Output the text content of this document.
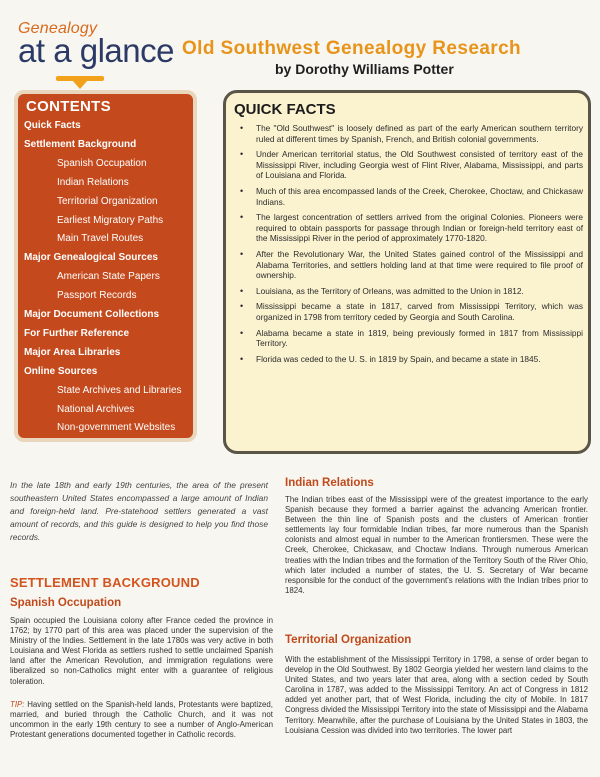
Genealogy
at a glance Old Southwest Genealogy Research
by Dorothy Williams Potter
CONTENTS
Quick Facts
Settlement Background
Spanish Occupation
Indian Relations
Territorial Organization
Earliest Migratory Paths
Main Travel Routes
Major Genealogical Sources
American State Papers
Passport Records
Major Document Collections
For Further Reference
Major Area Libraries
Online Sources
State Archives and Libraries
National Archives
Non-government Websites
QUICK FACTS
• The "Old Southwest" is loosely defined as part of the early American southern territory ruled at different times by Spanish, French, and British colonial governments.
• Under American territorial status, the Old Southwest consisted of territory east of the Mississippi River, including Georgia west of Flint River, Alabama, Mississippi, and parts of Louisiana and Florida.
• Much of this area encompassed lands of the Creek, Cherokee, Choctaw, and Chickasaw Indians.
• The largest concentration of settlers arrived from the original Colonies. Pioneers were required to obtain passports for passage through Indian or foreign-held territory east of the Mississippi River in the period of approximately 1770-1820.
• After the Revolutionary War, the United States gained control of the Mississippi and Alabama Territories, and settlers holding land at that time were required to file proof of ownership.
• Louisiana, as the Territory of Orleans, was admitted to the Union in 1812.
• Mississippi became a state in 1817, carved from Mississippi Territory, which was organized in 1798 from territory ceded by Georgia and South Carolina.
• Alabama became a state in 1819, being previously formed in 1817 from Mississippi Territory.
• Florida was ceded to the U. S. in 1819 by Spain, and became a state in 1845.
In the late 18th and early 19th centuries, the area of the present southeastern United States encompassed a large amount of Indian and foreign-held land. Pre-statehood settlers generated a vast amount of records, and this guide is designed to help you find those records.
SETTLEMENT BACKGROUND
Spanish Occupation
Spain occupied the Louisiana colony after France ceded the province in 1762; by 1770 part of this area was placed under the supervision of the Ministry of the Indies. Settlement in the late 1780s was very active in both Louisiana and West Florida as settlers rushed to settle unclaimed Spanish land after the American Revolution, and immigration regulations were liberalized so non-Catholics might enter with a guarantee of religious toleration.
TIP: Having settled on the Spanish-held lands, Protestants were baptized, married, and buried through the Catholic Church, and it was not uncommon in the early 19th century to see a number of Anglo-American Protestant generations documented together in Catholic records.
Indian Relations
The Indian tribes east of the Mississippi were of the greatest importance to the early Spanish because they formed a barrier against the advancing American frontier. Between the thin line of Spanish posts and the clusters of American frontier settlements lay four formidable Indian tribes, far more numerous than the Spanish colonists and almost equal in number to the American frontiersmen. These were the Creek, Cherokee, Chickasaw, and Choctaw Indians. Through numerous American treaties with the Indian tribes and the formation of the Territory South of the River Ohio, which later included a number of states, the U. S. Secretary of War became responsible for the conduct of the government's relations with the Indian tribes prior to 1824.
Territorial Organization
With the establishment of the Mississippi Territory in 1798, a sense of order began to develop in the Old Southwest. By 1802 Georgia yielded her western land claims to the United States, and two years later that area, along with a section ceded by South Carolina in 1787, was added to the Mississippi Territory. An act of Congress in 1812 added yet another part, that of West Florida, including the city of Mobile. In 1817 Congress divided the Mississippi Territory into the state of Mississippi and the Alabama Territory. Meanwhile, after the purchase of Louisiana by the United States in 1803, the Louisiana Cession was divided into two territories. The lower part
